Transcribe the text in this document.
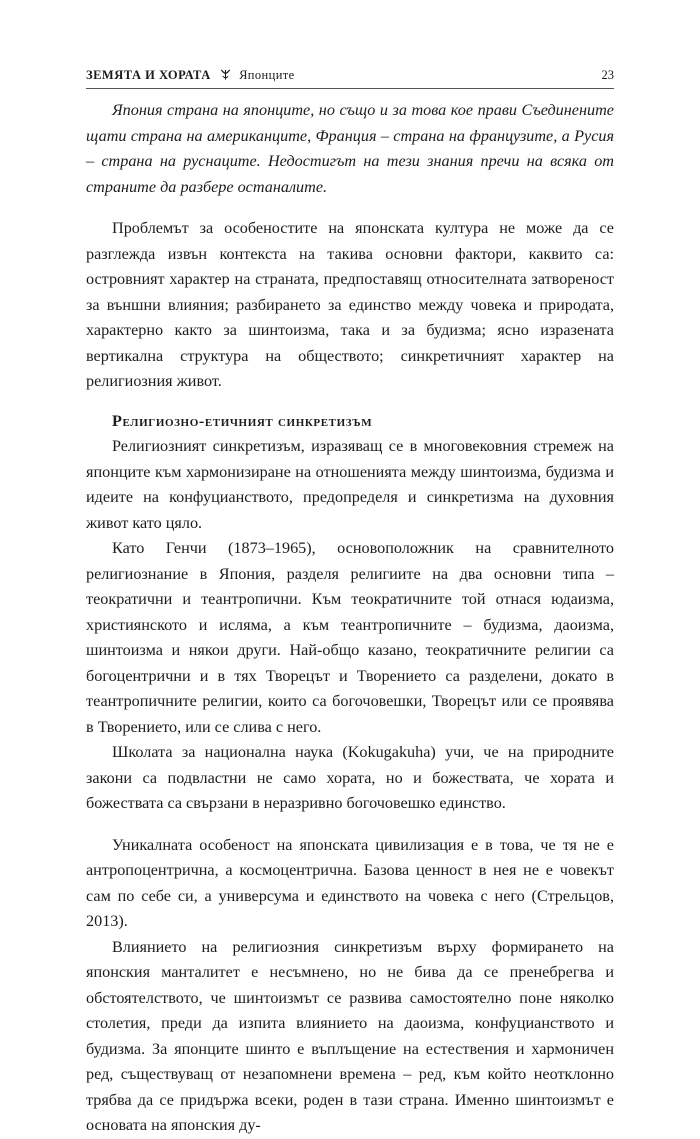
ЗЕМЯТА И ХОРАТА Японците	23

Япония страна на японците, но също и за това кое прави Съединените щати страна на американците, Франция – страна на французите, а Русия – страна на руснаците. Недостигът на тези знания пречи на всяка от страните да разбере останалите.

Проблемът за особеностите на японската култура не може да се разглежда извън контекста на такива основни фактори, каквито са: островният характер на страната, предпоставящ относителната затвореност за външни влияния; разбирането за единство между човека и природата, характерно както за шинтоизма, така и за будизма; ясно изразената вертикална структура на обществото; синкретичният характер на религиозния живот.

Религиозно-етичният синкретизъм

Религиозният синкретизъм, изразяващ се в многовековния стремеж на японците към хармонизиране на отношенията между шинтоизма, будизма и идеите на конфуцианството, предопределя и синкретизма на духовния живот като цяло.

Като Генчи (1873–1965), основоположник на сравнителното религиознание в Япония, разделя религиите на два основни типа – теократични и теантропични. Към теократичните той отнася юдаизма, християнското и исляма, а към теантропичните – будизма, даоизма, шинтоизма и някои други. Най-общо казано, теократичните религии са богоцентрични и в тях Творецът и Творението са разделени, докато в теантропичните религии, които са богочовешки, Творецът или се проявява в Творението, или се слива с него.

Школата за национална наука (Kokugakuha) учи, че на природните закони са подвластни не само хората, но и божествата, че хората и божествата са свързани в неразривно богочовешко единство.

Уникалната особеност на японската цивилизация е в това, че тя не е антропоцентрична, а космоцентрична. Базова ценност в нея не е човекът сам по себе си, а универсума и единството на човека с него (Стрельцов, 2013).

Влиянието на религиозния синкретизъм върху формирането на японския манталитет е несъмнено, но не бива да се пренебрегва и обстоятелството, че шинтоизмът се развива самостоятелно поне няколко столетия, преди да изпита влиянието на даоизма, конфуцианството и будизма. За японците шинто е въплъщение на естествения и хармоничен ред, съществуващ от незапомнени времена – ред, към който неотклонно трябва да се придържа всеки, роден в тази страна. Именно шинтоизмът е основата на японския ду-
